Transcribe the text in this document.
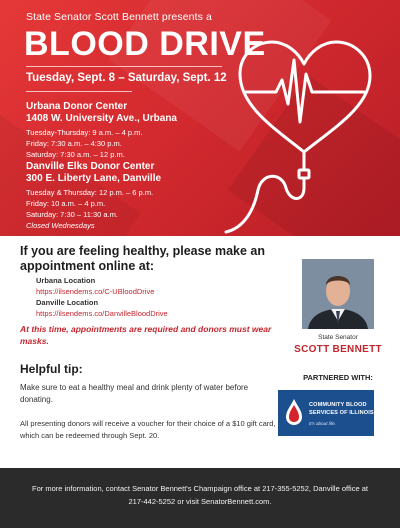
State Senator Scott Bennett presents a
BLOOD DRIVE
Tuesday, Sept. 8 – Saturday, Sept. 12
Urbana Donor Center
1408 W. University Ave., Urbana
Tuesday-Thursday: 9 a.m. – 4 p.m.
Friday: 7:30 a.m. – 4:30 p.m.
Saturday: 7:30 a.m. – 12 p.m.
Danville Elks Donor Center
300 E. Liberty Lane, Danville
Tuesday & Thursday: 12 p.m. – 6 p.m.
Friday: 10 a.m. – 4 p.m.
Saturday: 7:30 – 11:30 a.m.
Closed Wednesdays
If you are feeling healthy, please make an appointment online at:
Urbana Location
https://ilsendems.co/C-UBloodDrive
Danville Location
https://ilsendems.co/DanvilleBloodDrive

At this time, appointments are required and donors must wear masks.

Helpful tip:

Make sure to eat a healthy meal and drink plenty of water before donating.

All presenting donors will receive a voucher for their choice of a $10 gift card, which can be redeemed through Sept. 20.

State Senator
SCOTT BENNETT
PARTNERED WITH:
COMMUNITY BLOOD
SERVICES OF ILLINOIS
It's about life.

For more information, contact Senator Bennett's Champaign office at 217-355-5252, Danville office at 217-442-5252 or visit SenatorBennett.com.
